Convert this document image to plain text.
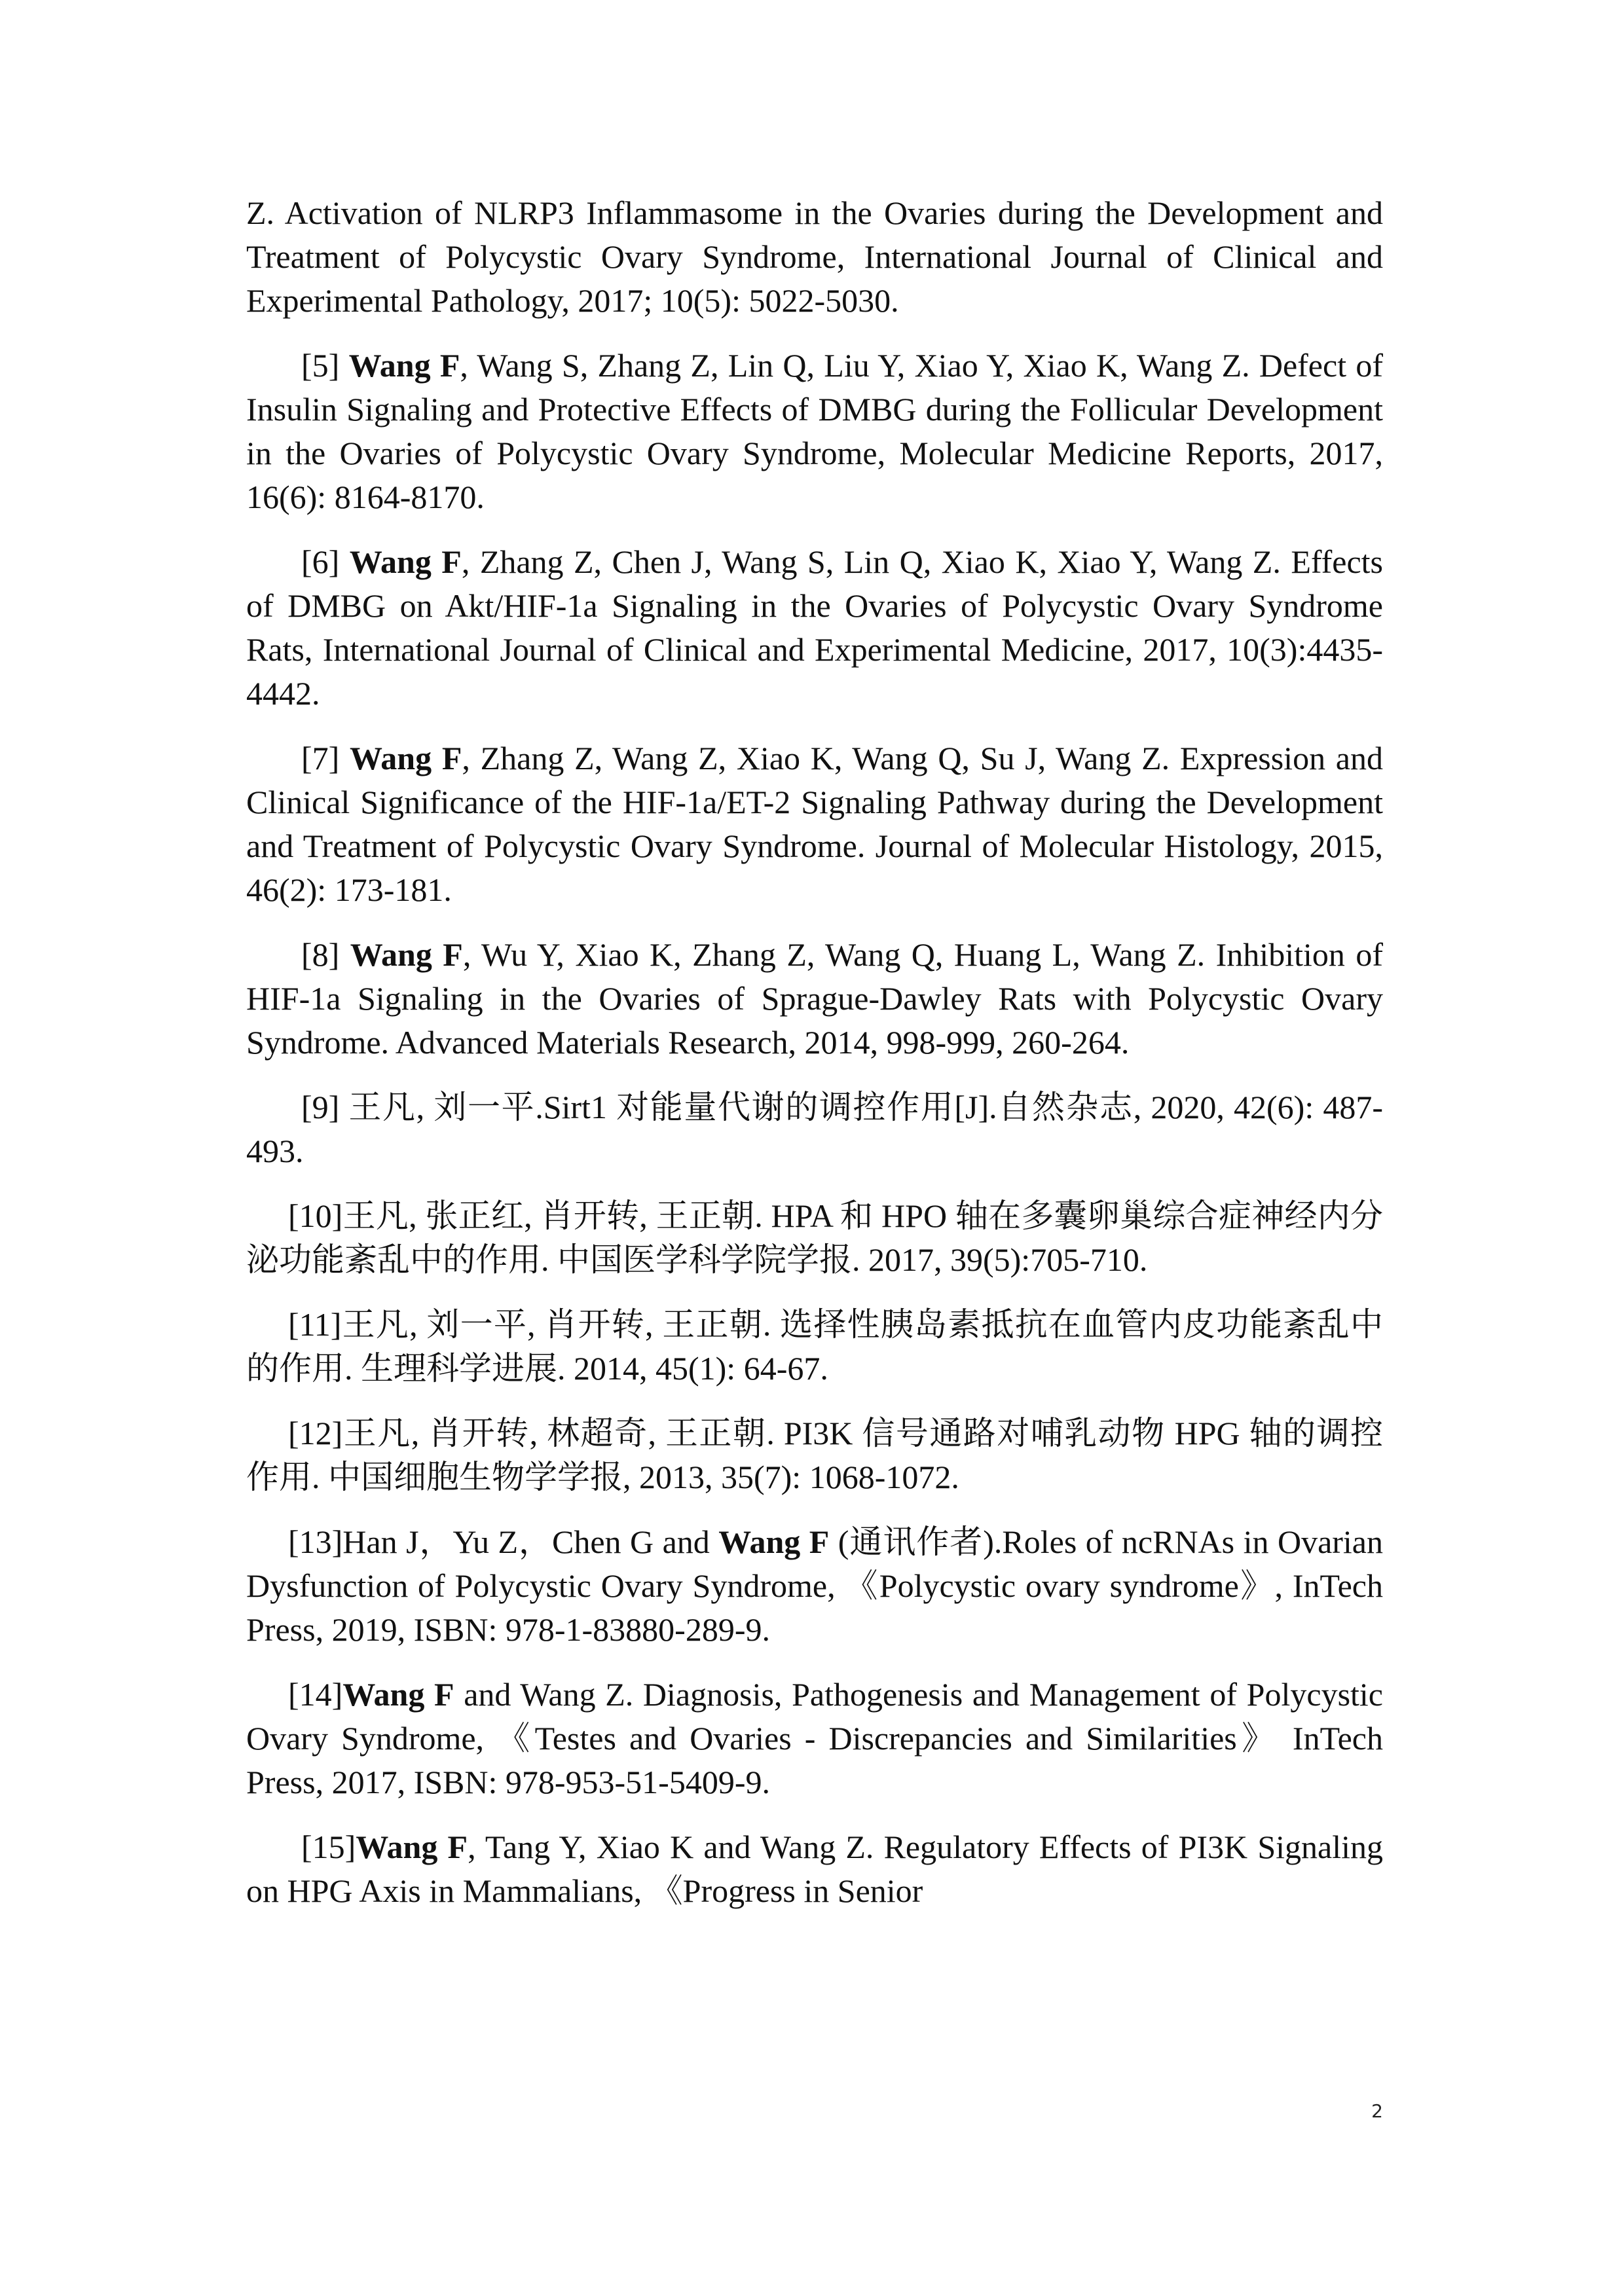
Z. Activation of NLRP3 Inflammasome in the Ovaries during the Development and Treatment of Polycystic Ovary Syndrome, International Journal of Clinical and Experimental Pathology, 2017; 10(5): 5022-5030.

[5] Wang F, Wang S, Zhang Z, Lin Q, Liu Y, Xiao Y, Xiao K, Wang Z. Defect of Insulin Signaling and Protective Effects of DMBG during the Follicular Development in the Ovaries of Polycystic Ovary Syndrome, Molecular Medicine Reports, 2017, 16(6): 8164-8170.

[6] Wang F, Zhang Z, Chen J, Wang S, Lin Q, Xiao K, Xiao Y, Wang Z. Effects of DMBG on Akt/HIF-1a Signaling in the Ovaries of Polycystic Ovary Syndrome Rats, International Journal of Clinical and Experimental Medicine, 2017, 10(3):4435-4442.

[7] Wang F, Zhang Z, Wang Z, Xiao K, Wang Q, Su J, Wang Z. Expression and Clinical Significance of the HIF-1a/ET-2 Signaling Pathway during the Development and Treatment of Polycystic Ovary Syndrome. Journal of Molecular Histology, 2015, 46(2): 173-181.

[8] Wang F, Wu Y, Xiao K, Zhang Z, Wang Q, Huang L, Wang Z. Inhibition of HIF-1a Signaling in the Ovaries of Sprague-Dawley Rats with Polycystic Ovary Syndrome. Advanced Materials Research, 2014, 998-999, 260-264.

[9] 王凡, 刘一平.Sirt1 对能量代谢的调控作用[J].自然杂志, 2020, 42(6): 487-493.

[10]王凡, 张正红, 肖开转, 王正朝. HPA 和 HPO 轴在多囊卵巢综合症神经内分泌功能紊乱中的作用. 中国医学科学院学报. 2017, 39(5):705-710.

[11]王凡, 刘一平, 肖开转, 王正朝. 选择性胰岛素抵抗在血管内皮功能紊乱中的作用. 生理科学进展. 2014, 45(1): 64-67.

[12]王凡, 肖开转, 林超奇, 王正朝. PI3K 信号通路对哺乳动物 HPG 轴的调控作用. 中国细胞生物学学报, 2013, 35(7): 1068-1072.

[13]Han J，Yu Z，Chen G and Wang F (通讯作者).Roles of ncRNAs in Ovarian Dysfunction of Polycystic Ovary Syndrome, 《Polycystic ovary syndrome》, InTech Press, 2019, ISBN: 978-1-83880-289-9.

[14]Wang F and Wang Z. Diagnosis, Pathogenesis and Management of Polycystic Ovary Syndrome, 《Testes and Ovaries - Discrepancies and Similarities》 InTech Press, 2017, ISBN: 978-953-51-5409-9.

[15]Wang F, Tang Y, Xiao K and Wang Z. Regulatory Effects of PI3K Signaling on HPG Axis in Mammalians, 《Progress in Senior

2
